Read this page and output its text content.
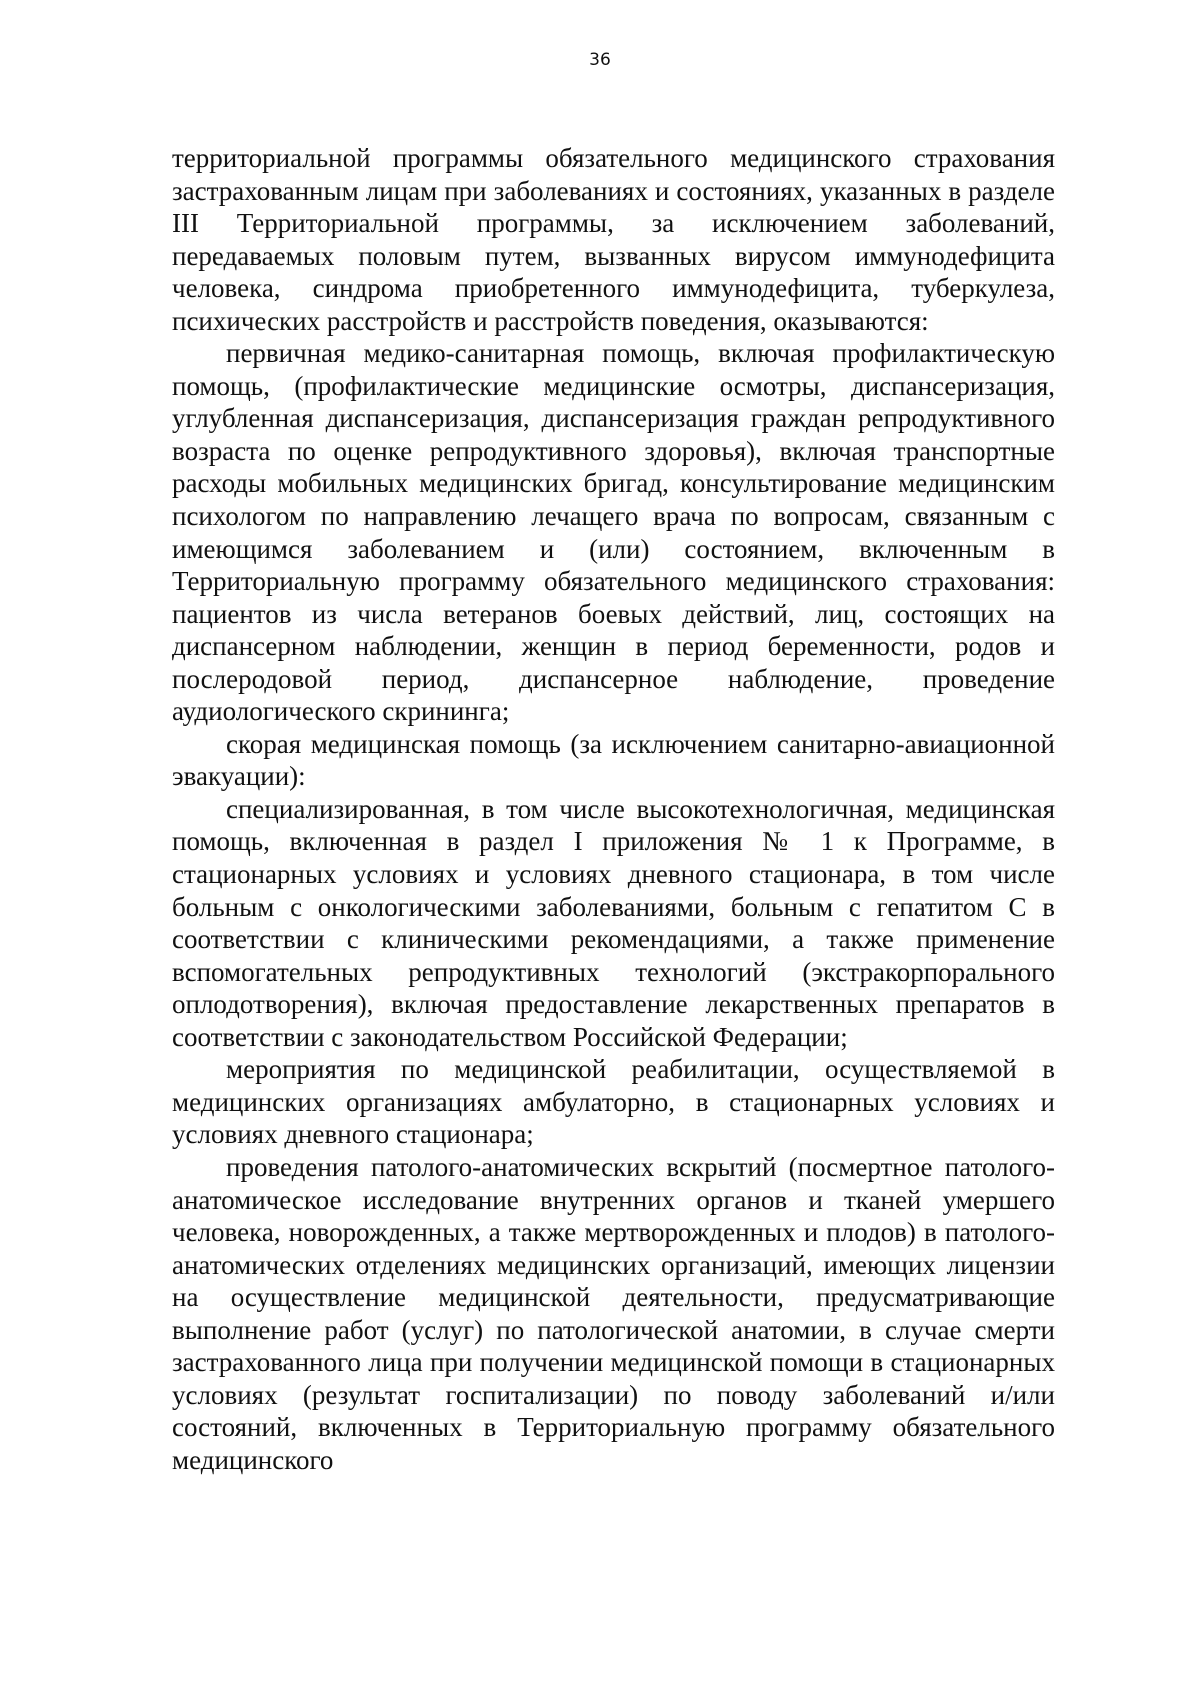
36

территориальной программы обязательного медицинского страхования застрахованным лицам при заболеваниях и состояниях, указанных в разделе III Территориальной программы, за исключением заболеваний, передаваемых половым путем, вызванных вирусом иммунодефицита человека, синдрома приобретенного иммунодефицита, туберкулеза, психических расстройств и расстройств поведения, оказываются:

первичная медико-санитарная помощь, включая профилактическую помощь, (профилактические медицинские осмотры, диспансеризация, углубленная диспансеризация, диспансеризация граждан репродуктивного возраста по оценке репродуктивного здоровья), включая транспортные расходы мобильных медицинских бригад, консультирование медицинским психологом по направлению лечащего врача по вопросам, связанным с имеющимся заболеванием и (или) состоянием, включенным в Территориальную программу обязательного медицинского страхования: пациентов из числа ветеранов боевых действий, лиц, состоящих на диспансерном наблюдении, женщин в период беременности, родов и послеродовой период, диспансерное наблюдение, проведение аудиологического скрининга;

скорая медицинская помощь (за исключением санитарно-авиационной эвакуации):

специализированная, в том числе высокотехнологичная, медицинская помощь, включенная в раздел I приложения № 1 к Программе, в стационарных условиях и условиях дневного стационара, в том числе больным с онкологическими заболеваниями, больным с гепатитом С в соответствии с клиническими рекомендациями, а также применение вспомогательных репродуктивных технологий (экстракорпорального оплодотворения), включая предоставление лекарственных препаратов в соответствии с законодательством Российской Федерации;

мероприятия по медицинской реабилитации, осуществляемой в медицинских организациях амбулаторно, в стационарных условиях и условиях дневного стационара;

проведения патолого-анатомических вскрытий (посмертное патолого-анатомическое исследование внутренних органов и тканей умершего человека, новорожденных, а также мертворожденных и плодов) в патолого-анатомических отделениях медицинских организаций, имеющих лицензии на осуществление медицинской деятельности, предусматривающие выполнение работ (услуг) по патологической анатомии, в случае смерти застрахованного лица при получении медицинской помощи в стационарных условиях (результат госпитализации) по поводу заболеваний и/или состояний, включенных в Территориальную программу обязательного медицинского
